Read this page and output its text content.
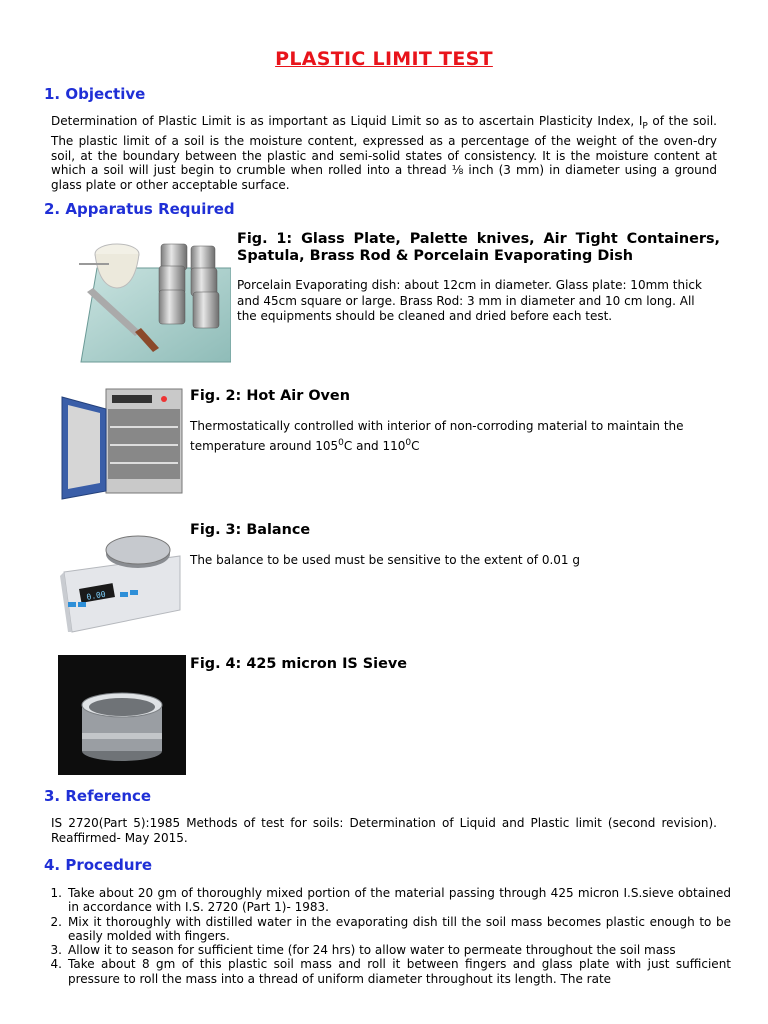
PLASTIC LIMIT TEST
1. Objective
Determination of Plastic Limit is as important as Liquid Limit so as to ascertain Plasticity Index, $I_P$ of the soil. The plastic limit of a soil is the moisture content, expressed as a percentage of the weight of the oven-dry soil, at the boundary between the plastic and semi-solid states of consistency. It is the moisture content at which a soil will just begin to crumble when rolled into a thread ⅛ inch (3 mm) in diameter using a ground glass plate or other acceptable surface.
2. Apparatus Required
Fig. 1: Glass Plate, Palette knives, Air Tight Containers, Spatula, Brass Rod & Porcelain Evaporating Dish
Porcelain Evaporating dish: about 12cm in diameter. Glass plate: 10mm thick and 45cm square or large. Brass Rod: 3 mm in diameter and 10 cm long. All the equipments should be cleaned and dried before each test.
Fig. 2: Hot Air Oven
Thermostatically controlled with interior of non-corroding material to maintain the temperature around $105^0C$ and $110^0C$
0.00
Fig. 3: Balance
The balance to be used must be sensitive to the extent of 0.01 g
Fig. 4: 425 micron IS Sieve
3. Reference
IS 2720(Part 5):1985 Methods of test for soils: Determination of Liquid and Plastic limit (second revision). Reaffirmed- May 2015.
4. Procedure
1. Take about 20 gm of thoroughly mixed portion of the material passing through 425 micron I.S.sieve obtained in accordance with I.S. 2720 (Part 1)- 1983.
2. Mix it thoroughly with distilled water in the evaporating dish till the soil mass becomes plastic enough to be easily molded with fingers.
3. Allow it to season for sufficient time (for 24 hrs) to allow water to permeate throughout the soil mass
4. Take about 8 gm of this plastic soil mass and roll it between fingers and glass plate with just sufficient pressure to roll the mass into a thread of uniform diameter throughout its length. The rate
